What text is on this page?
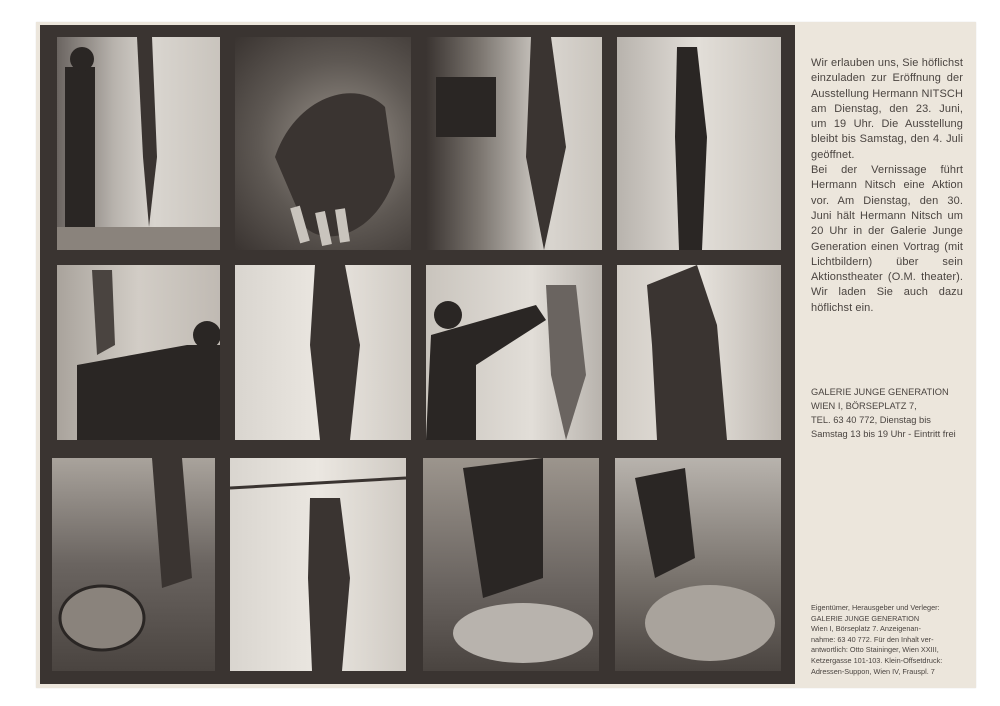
Wir erlauben uns, Sie höflichst einzuladen zur Eröffnung der Ausstellung Hermann NITSCH am Dienstag, den 23. Juni, um 19 Uhr. Die Ausstellung bleibt bis Samstag, den 4. Juli geöffnet.

Bei der Vernissage führt Hermann Nitsch eine Aktion vor. Am Dienstag, den 30. Juni hält Hermann Nitsch um 20 Uhr in der Galerie Junge Generation einen Vortrag (mit Lichtbildern) über sein Aktionstheater (O.M. theater). Wir laden Sie auch dazu höflichst ein.

GALERIE JUNGE GENERATION
WIEN I, BÖRSEPLATZ 7,
TEL. 63 40 772, Dienstag bis
Samstag 13 bis 19 Uhr - Eintritt frei
Eigentümer, Herausgeber und Verleger:
GALERIE JUNGE GENERATION
Wien I, Börseplatz 7. Anzeigenan-
nahme: 63 40 772. Für den Inhalt ver-
antwortlich: Otto Staininger, Wien XXIII,
Ketzergasse 101-103. Klein-Offsetdruck:
Adressen-Suppon, Wien IV, Frauspl. 7
